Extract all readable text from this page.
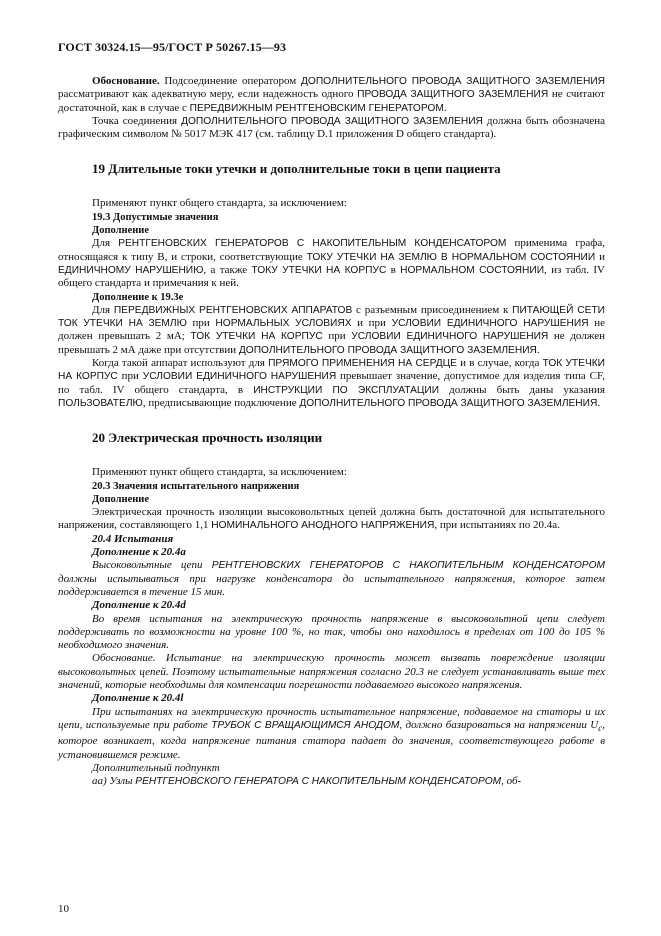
ГОСТ 30324.15—95/ГОСТ Р 50267.15—93

Обоснование. Подсоединение оператором ДОПОЛНИТЕЛЬНОГО ПРОВОДА ЗАЩИТНОГО ЗАЗЕМЛЕНИЯ рассматривают как адекватную меру, если надежность одного ПРОВОДА ЗАЩИТНОГО ЗАЗЕМЛЕНИЯ не считают достаточной, как в случае с ПЕРЕДВИЖНЫМ РЕНТГЕНОВСКИМ ГЕНЕРАТОРОМ.

Точка соединения ДОПОЛНИТЕЛЬНОГО ПРОВОДА ЗАЩИТНОГО ЗАЗЕМЛЕНИЯ должна быть обозначена графическим символом № 5017 МЭК 417 (см. таблицу D.1 приложения D общего стандарта).

19 Длительные токи утечки и дополнительные токи в цепи пациента

Применяют пункт общего стандарта, за исключением:

19.3 Допустимые значения

Дополнение

Для РЕНТГЕНОВСКИХ ГЕНЕРАТОРОВ С НАКОПИТЕЛЬНЫМ КОНДЕНСАТОРОМ применима графа, относящаяся к типу В, и строки, соответствующие ТОКУ УТЕЧКИ НА ЗЕМЛЮ В НОРМАЛЬНОМ СОСТОЯНИИ и ЕДИНИЧНОМУ НАРУШЕНИЮ, а также ТОКУ УТЕЧКИ НА КОРПУС в НОРМАЛЬНОМ СОСТОЯНИИ, из табл. IV общего стандарта и примечания к ней.

Дополнение к 19.3e

Для ПЕРЕДВИЖНЫХ РЕНТГЕНОВСКИХ АППАРАТОВ с разъемным присоединением к ПИТАЮЩЕЙ СЕТИ ТОК УТЕЧКИ НА ЗЕМЛЮ при НОРМАЛЬНЫХ УСЛОВИЯХ и при УСЛОВИИ ЕДИНИЧНОГО НАРУШЕНИЯ не должен превышать 2 мА; ТОК УТЕЧКИ НА КОРПУС при УСЛОВИИ ЕДИНИЧНОГО НАРУШЕНИЯ не должен превышать 2 мА даже при отсутствии ДОПОЛНИТЕЛЬНОГО ПРОВОДА ЗАЩИТНОГО ЗАЗЕМЛЕНИЯ.

Когда такой аппарат используют для ПРЯМОГО ПРИМЕНЕНИЯ НА СЕРДЦЕ и в случае, когда ТОК УТЕЧКИ НА КОРПУС при УСЛОВИИ ЕДИНИЧНОГО НАРУШЕНИЯ превышает значение, допустимое для изделия типа CF, по табл. IV общего стандарта, в ИНСТРУКЦИИ ПО ЭКСПЛУАТАЦИИ должны быть даны указания ПОЛЬЗОВАТЕЛЮ, предписывающие подключение ДОПОЛНИТЕЛЬНОГО ПРОВОДА ЗАЩИТНОГО ЗАЗЕМЛЕНИЯ.

20 Электрическая прочность изоляции

Применяют пункт общего стандарта, за исключением:

20.3 Значения испытательного напряжения

Дополнение

Электрическая прочность изоляции высоковольтных цепей должна быть достаточной для испытательного напряжения, составляющего 1,1 НОМИНАЛЬНОГО АНОДНОГО НАПРЯЖЕНИЯ, при испытаниях по 20.4а.

20.4 Испытания

Дополнение к 20.4a

Высоковольтные цепи РЕНТГЕНОВСКИХ ГЕНЕРАТОРОВ С НАКОПИТЕЛЬНЫМ КОНДЕНСАТОРОМ должны испытываться при нагрузке конденсатора до испытательного напряжения, которое затем поддерживается в течение 15 мин.

Дополнение к 20.4d

Во время испытания на электрическую прочность напряжение в высоковольтной цепи следует поддерживать по возможности на уровне 100 %, но так, чтобы оно находилось в пределах от 100 до 105 % необходимого значения.

Обоснование. Испытание на электрическую прочность может вызвать повреждение изоляции высоковольтных цепей. Поэтому испытательные напряжения согласно 20.3 не следует устанавливать выше тех значений, которые необходимы для компенсации погрешности подаваемого высокого напряжения.

Дополнение к 20.4l

При испытаниях на электрическую прочность испытательное напряжение, подаваемое на статоры и их цепи, используемые при работе ТРУБОК С ВРАЩАЮЩИМСЯ АНОДОМ, должно базироваться на напряжении $U_c$, которое возникает, когда напряжение питания статора падает до значения, соответствующего работе в установившемся режиме.

Дополнительный подпункт

аа) Узлы РЕНТГЕНОВСКОГО ГЕНЕРАТОРА С НАКОПИТЕЛЬНЫМ КОНДЕНСАТОРОМ, об-

10
